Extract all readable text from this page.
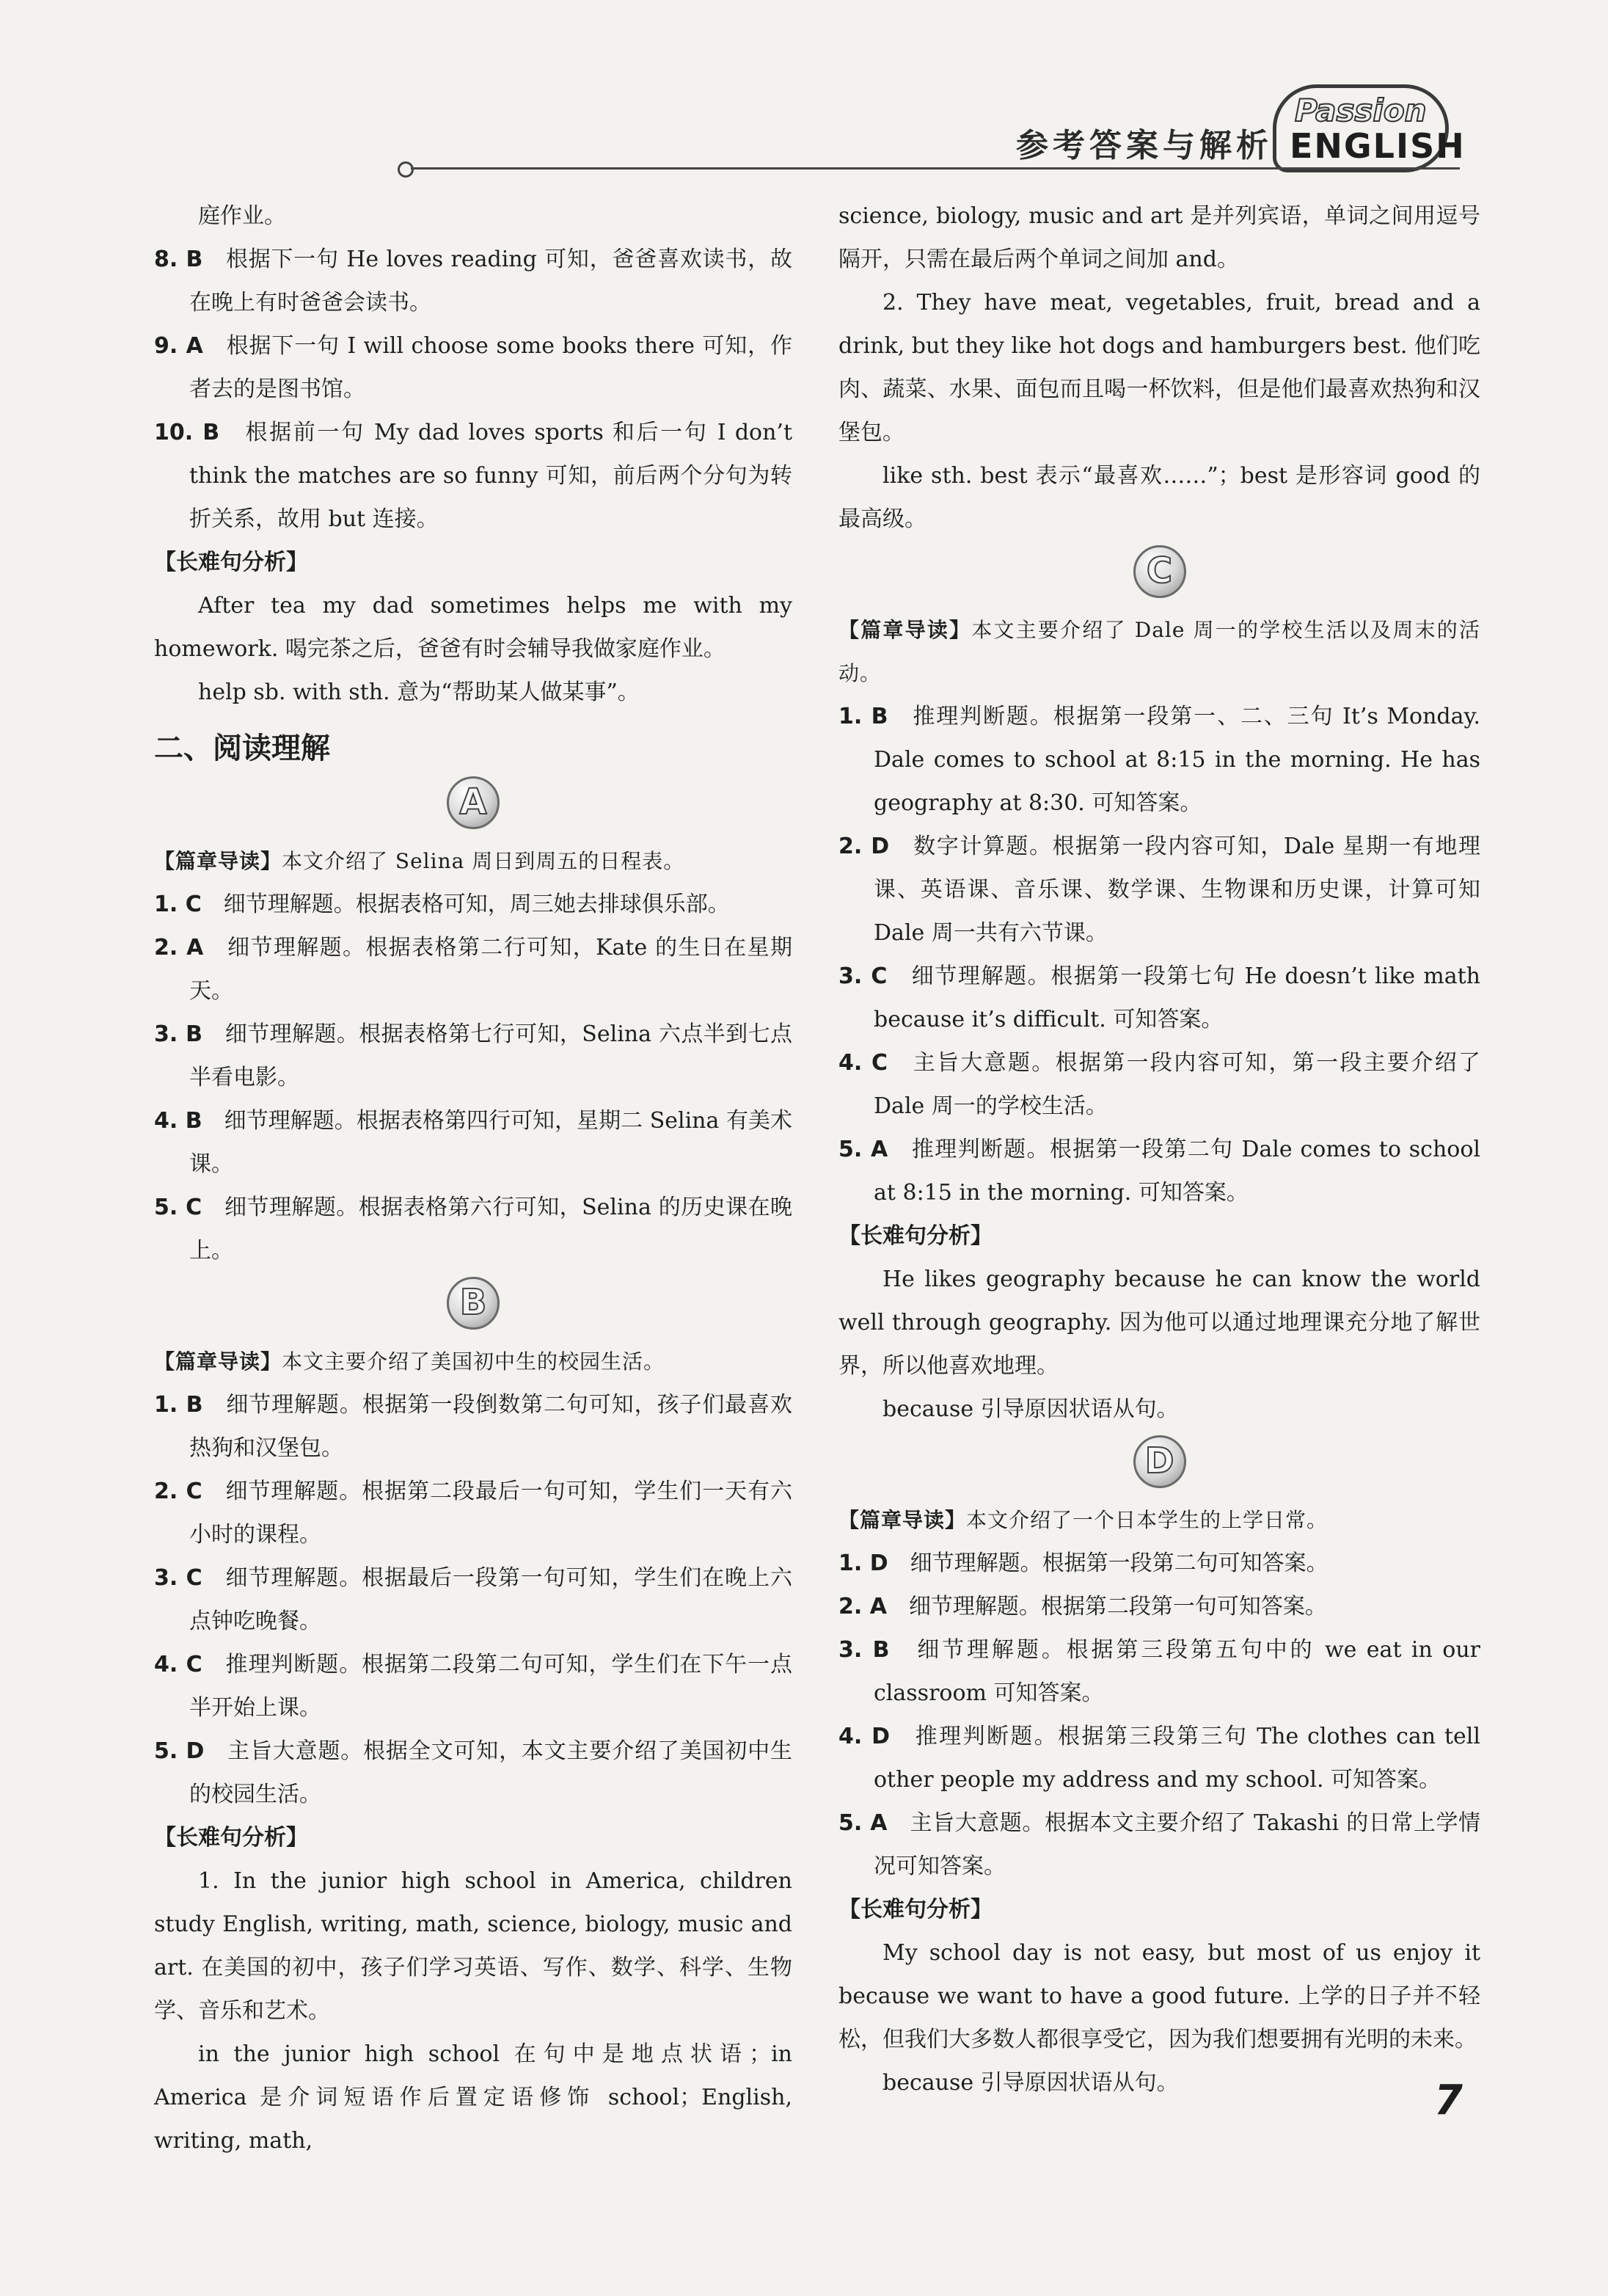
参考答案与解析
Passion
ENGLISH

庭作业。

8. B　 根据下一句 He loves reading 可知，爸爸喜欢读书，故在晚上有时爸爸会读书。

9. A　 根据下一句 I will choose some books there 可知，作者去的是图书馆。

10. B　 根据前一句 My dad loves sports 和后一句 I don’t think the matches are so funny 可知，前后两个分句为转折关系，故用 but 连接。

【长难句分析】

After tea my dad sometimes helps me with my homework. 喝完茶之后，爸爸有时会辅导我做家庭作业。

help sb. with sth. 意为“帮助某人做某事”。

二、阅读理解
A

【篇章导读】本文介绍了 Selina 周日到周五的日程表。

1. C　 细节理解题。根据表格可知，周三她去排球俱乐部。

2. A　 细节理解题。根据表格第二行可知，Kate 的生日在星期天。

3. B　 细节理解题。根据表格第七行可知，Selina 六点半到七点半看电影。

4. B　 细节理解题。根据表格第四行可知，星期二 Selina 有美术课。

5. C　 细节理解题。根据表格第六行可知，Selina 的历史课在晚上。

B

【篇章导读】本文主要介绍了美国初中生的校园生活。

1. B　 细节理解题。根据第一段倒数第二句可知，孩子们最喜欢热狗和汉堡包。

2. C　 细节理解题。根据第二段最后一句可知，学生们一天有六小时的课程。

3. C　 细节理解题。根据最后一段第一句可知，学生们在晚上六点钟吃晚餐。

4. C　 推理判断题。根据第二段第二句可知，学生们在下午一点半开始上课。

5. D　 主旨大意题。根据全文可知，本文主要介绍了美国初中生的校园生活。

【长难句分析】

1. In the junior high school in America, children study English, writing, math, science, biology, music and art. 在美国的初中，孩子们学习英语、写作、数学、科学、生物学、音乐和艺术。

in the junior high school 在句中是地点状语；in America 是介词短语作后置定语修饰 school；English, writing, math,

science, biology, music and art 是并列宾语，单词之间用逗号隔开，只需在最后两个单词之间加 and。

2. They have meat, vegetables, fruit, bread and a drink, but they like hot dogs and hamburgers best. 他们吃肉、蔬菜、水果、面包而且喝一杯饮料，但是他们最喜欢热狗和汉堡包。

like sth. best 表示“最喜欢……”；best 是形容词 good 的最高级。

C

【篇章导读】本文主要介绍了 Dale 周一的学校生活以及周末的活动。

1. B　 推理判断题。根据第一段第一、二、三句 It’s Monday. Dale comes to school at 8:15 in the morning. He has geography at 8:30. 可知答案。

2. D　 数字计算题。根据第一段内容可知，Dale 星期一有地理课、英语课、音乐课、数学课、生物课和历史课，计算可知 Dale 周一共有六节课。

3. C　 细节理解题。根据第一段第七句 He doesn’t like math because it’s difficult. 可知答案。

4. C　 主旨大意题。根据第一段内容可知，第一段主要介绍了 Dale 周一的学校生活。

5. A　 推理判断题。根据第一段第二句 Dale comes to school at 8:15 in the morning. 可知答案。

【长难句分析】

He likes geography because he can know the world well through geography. 因为他可以通过地理课充分地了解世界，所以他喜欢地理。

because 引导原因状语从句。

D

【篇章导读】本文介绍了一个日本学生的上学日常。

1. D　 细节理解题。根据第一段第二句可知答案。

2. A　 细节理解题。根据第二段第一句可知答案。

3. B　 细节理解题。根据第三段第五句中的 we eat in our classroom 可知答案。

4. D　 推理判断题。根据第三段第三句 The clothes can tell other people my address and my school. 可知答案。

5. A　 主旨大意题。根据本文主要介绍了 Takashi 的日常上学情况可知答案。

【长难句分析】

My school day is not easy, but most of us enjoy it because we want to have a good future. 上学的日子并不轻松，但我们大多数人都很享受它，因为我们想要拥有光明的未来。

because 引导原因状语从句。	7
